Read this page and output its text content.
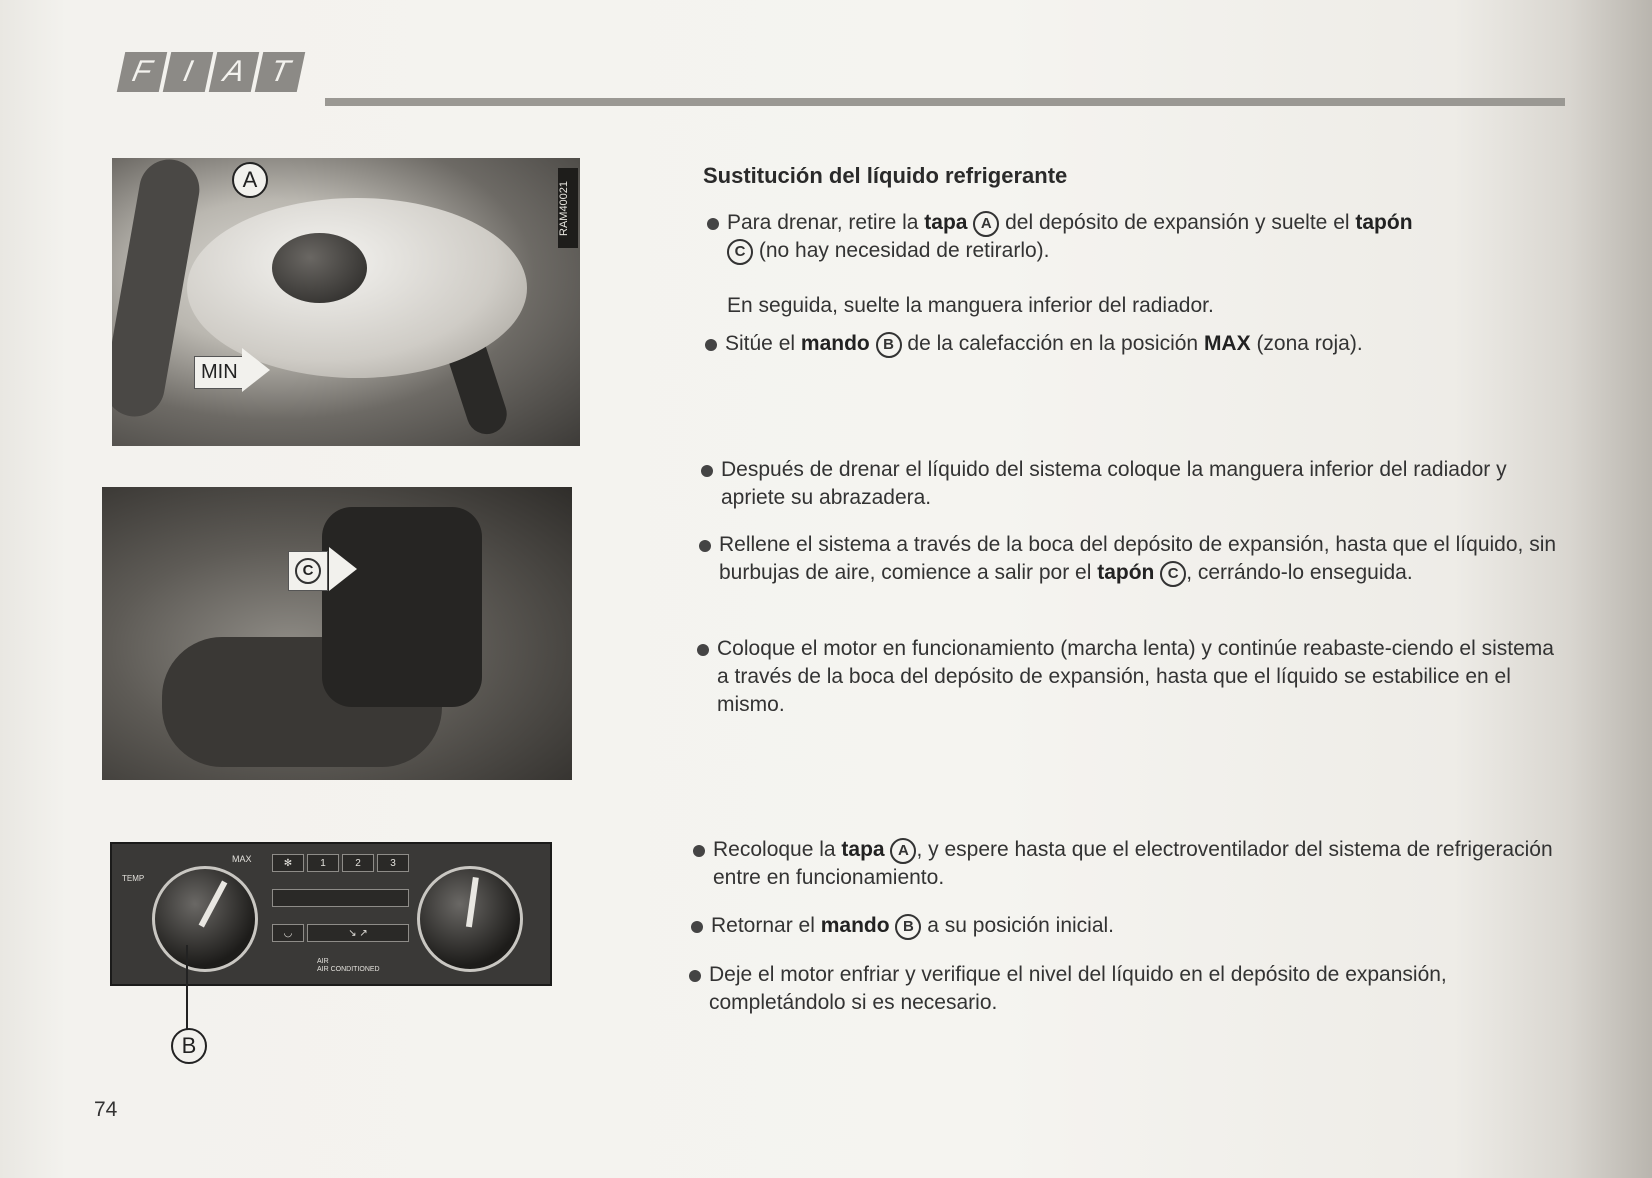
F I A T
A
MIN
RAM40021
C
MAX
TEMP
✻	1	2	3
◡	↘ ↗
AIR
AIR CONDITIONED
B
Sustitución del líquido refrigerante
Para drenar, retire la tapa A del depósito de expansión y suelte el tapón
C (no hay necesidad de retirarlo).
En seguida, suelte la manguera inferior del radiador.
Sitúe el mando B de la calefacción en la posición MAX (zona roja).
Después de drenar el líquido del sistema coloque la manguera inferior del radiador y apriete su abrazadera.
Rellene el sistema a través de la boca del depósito de expansión, hasta que el líquido, sin burbujas de aire, comience a salir por el tapón C , cerrándo-lo enseguida.
Coloque el motor en funcionamiento (marcha lenta) y continúe reabaste-ciendo el sistema a través de la boca del depósito de expansión, hasta que el líquido se estabilice en el mismo.
Recoloque la tapa A , y espere hasta que el electroventilador del sistema de refrigeración entre en funcionamiento.
Retornar el mando B a su posición inicial.
Deje el motor enfriar y verifique el nivel del líquido en el depósito de expansión, completándolo si es necesario.
74
